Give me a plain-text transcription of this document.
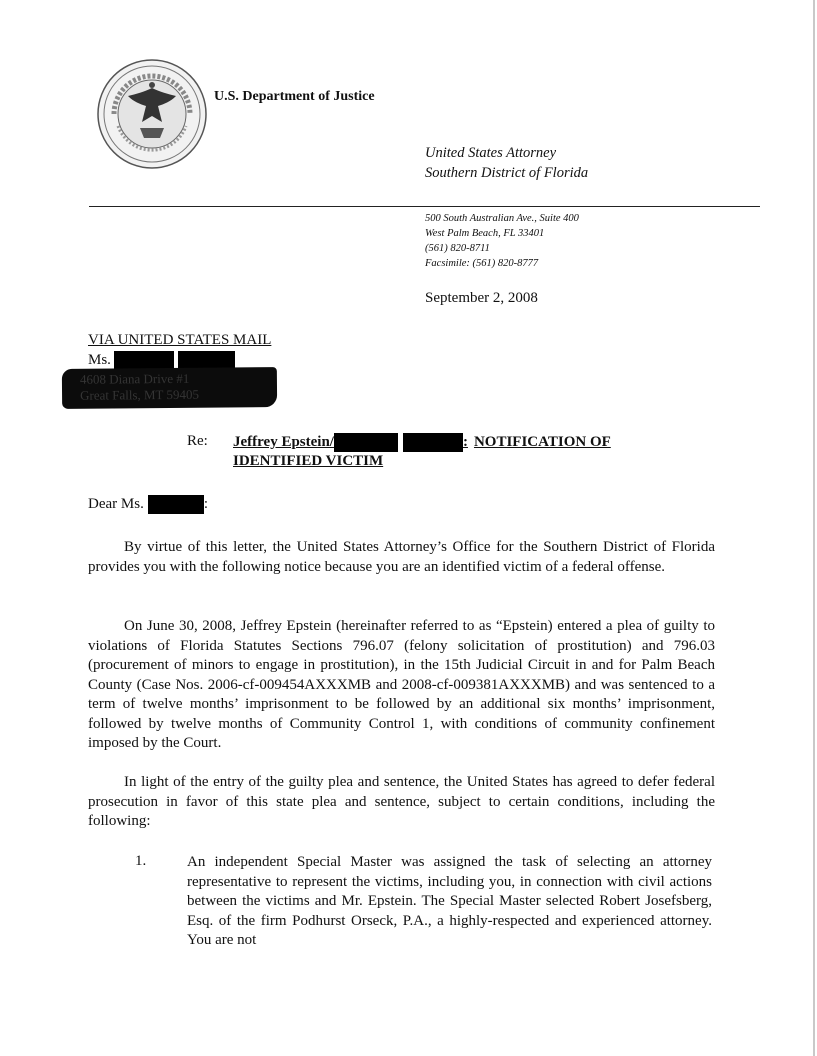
U.S. Department of Justice
United States Attorney
Southern District of Florida
500 South Australian Ave., Suite 400
West Palm Beach, FL 33401
(561) 820-8711
Facsimile: (561) 820-8777
September 2, 2008
VIA UNITED STATES MAIL
Ms.
4608 Diana Drive #1
Great Falls, MT 59405
Re: Jeffrey Epstein/	: NOTIFICATION OF
IDENTIFIED VICTIM
Dear Ms.	:

By virtue of this letter, the United States Attorney’s Office for the Southern District of Florida provides you with the following notice because you are an identified victim of a federal offense.

On June 30, 2008, Jeffrey Epstein (hereinafter referred to as “Epstein) entered a plea of guilty to violations of Florida Statutes Sections 796.07 (felony solicitation of prostitution) and 796.03 (procurement of minors to engage in prostitution), in the 15th Judicial Circuit in and for Palm Beach County (Case Nos. 2006-cf-009454AXXXMB and 2008-cf-009381AXXXMB) and was sentenced to a term of twelve months’ imprisonment to be followed by an additional six months’ imprisonment, followed by twelve months of Community Control 1, with conditions of community confinement imposed by the Court.

In light of the entry of the guilty plea and sentence, the United States has agreed to defer federal prosecution in favor of this state plea and sentence, subject to certain conditions, including the following:

1.	An independent Special Master was assigned the task of selecting an attorney representative to represent the victims, including you, in connection with civil actions between the victims and Mr. Epstein. The Special Master selected Robert Josefsberg, Esq. of the firm Podhurst Orseck, P.A., a highly-respected and experienced attorney. You are not
